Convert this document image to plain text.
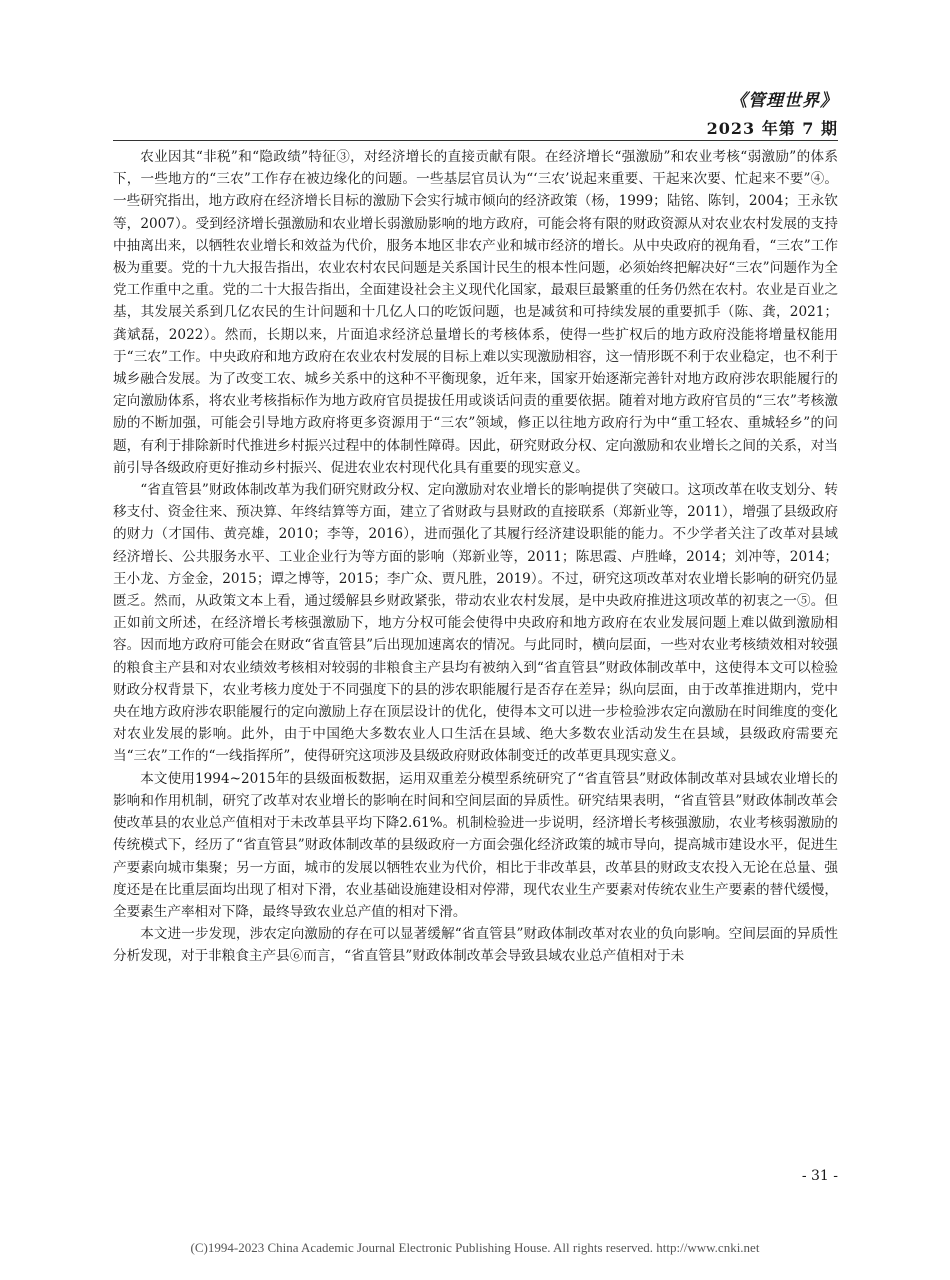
《管理世界》
2023 年第 7 期

农业因其“非税”和“隐政绩”特征③，对经济增长的直接贡献有限。在经济增长“强激励”和农业考核“弱激励”的体系下，一些地方的“三农”工作存在被边缘化的问题。一些基层官员认为“‘三农’说起来重要、干起来次要、忙起来不要”④。一些研究指出，地方政府在经济增长目标的激励下会实行城市倾向的经济政策（杨，1999；陆铭、陈钊，2004；王永钦等，2007）。受到经济增长强激励和农业增长弱激励影响的地方政府，可能会将有限的财政资源从对农业农村发展的支持中抽离出来，以牺牲农业增长和效益为代价，服务本地区非农产业和城市经济的增长。从中央政府的视角看，“三农”工作极为重要。党的十九大报告指出，农业农村农民问题是关系国计民生的根本性问题，必须始终把解决好“三农”问题作为全党工作重中之重。党的二十大报告指出，全面建设社会主义现代化国家，最艰巨最繁重的任务仍然在农村。农业是百业之基，其发展关系到几亿农民的生计问题和十几亿人口的吃饭问题，也是减贫和可持续发展的重要抓手（陈、龚，2021；龚斌磊，2022）。然而，长期以来，片面追求经济总量增长的考核体系，使得一些扩权后的地方政府没能将增量权能用于“三农”工作。中央政府和地方政府在农业农村发展的目标上难以实现激励相容，这一情形既不利于农业稳定，也不利于城乡融合发展。为了改变工农、城乡关系中的这种不平衡现象，近年来，国家开始逐渐完善针对地方政府涉农职能履行的定向激励体系，将农业考核指标作为地方政府官员提拔任用或谈话问责的重要依据。随着对地方政府官员的“三农”考核激励的不断加强，可能会引导地方政府将更多资源用于“三农”领域，修正以往地方政府行为中“重工轻农、重城轻乡”的问题，有利于排除新时代推进乡村振兴过程中的体制性障碍。因此，研究财政分权、定向激励和农业增长之间的关系，对当前引导各级政府更好推动乡村振兴、促进农业农村现代化具有重要的现实意义。

“省直管县”财政体制改革为我们研究财政分权、定向激励对农业增长的影响提供了突破口。这项改革在收支划分、转移支付、资金往来、预决算、年终结算等方面，建立了省财政与县财政的直接联系（郑新业等，2011），增强了县级政府的财力（才国伟、黄亮雄，2010；李等，2016），进而强化了其履行经济建设职能的能力。不少学者关注了改革对县域经济增长、公共服务水平、工业企业行为等方面的影响（郑新业等，2011；陈思霞、卢胜峰，2014；刘冲等，2014；王小龙、方金金，2015；谭之博等，2015；李广众、贾凡胜，2019）。不过，研究这项改革对农业增长影响的研究仍显匮乏。然而，从政策文本上看，通过缓解县乡财政紧张，带动农业农村发展，是中央政府推进这项改革的初衷之一⑤。但正如前文所述，在经济增长考核强激励下，地方分权可能会使得中央政府和地方政府在农业发展问题上难以做到激励相容。因而地方政府可能会在财政“省直管县”后出现加速离农的情况。与此同时，横向层面，一些对农业考核绩效相对较强的粮食主产县和对农业绩效考核相对较弱的非粮食主产县均有被纳入到“省直管县”财政体制改革中，这使得本文可以检验财政分权背景下，农业考核力度处于不同强度下的县的涉农职能履行是否存在差异；纵向层面，由于改革推进期内，党中央在地方政府涉农职能履行的定向激励上存在顶层设计的优化，使得本文可以进一步检验涉农定向激励在时间维度的变化对农业发展的影响。此外，由于中国绝大多数农业人口生活在县域、绝大多数农业活动发生在县域，县级政府需要充当“三农”工作的“一线指挥所”，使得研究这项涉及县级政府财政体制变迁的改革更具现实意义。

本文使用1994~2015年的县级面板数据，运用双重差分模型系统研究了“省直管县”财政体制改革对县域农业增长的影响和作用机制，研究了改革对农业增长的影响在时间和空间层面的异质性。研究结果表明，“省直管县”财政体制改革会使改革县的农业总产值相对于未改革县平均下降2.61%。机制检验进一步说明，经济增长考核强激励，农业考核弱激励的传统模式下，经历了“省直管县”财政体制改革的县级政府一方面会强化经济政策的城市导向，提高城市建设水平，促进生产要素向城市集聚；另一方面，城市的发展以牺牲农业为代价，相比于非改革县，改革县的财政支农投入无论在总量、强度还是在比重层面均出现了相对下滑，农业基础设施建设相对停滞，现代农业生产要素对传统农业生产要素的替代缓慢，全要素生产率相对下降，最终导致农业总产值的相对下滑。

本文进一步发现，涉农定向激励的存在可以显著缓解“省直管县”财政体制改革对农业的负向影响。空间层面的异质性分析发现，对于非粮食主产县⑥而言，“省直管县”财政体制改革会导致县域农业总产值相对于未

- 31 -
(C)1994-2023 China Academic Journal Electronic Publishing House. All rights reserved. http://www.cnki.net
